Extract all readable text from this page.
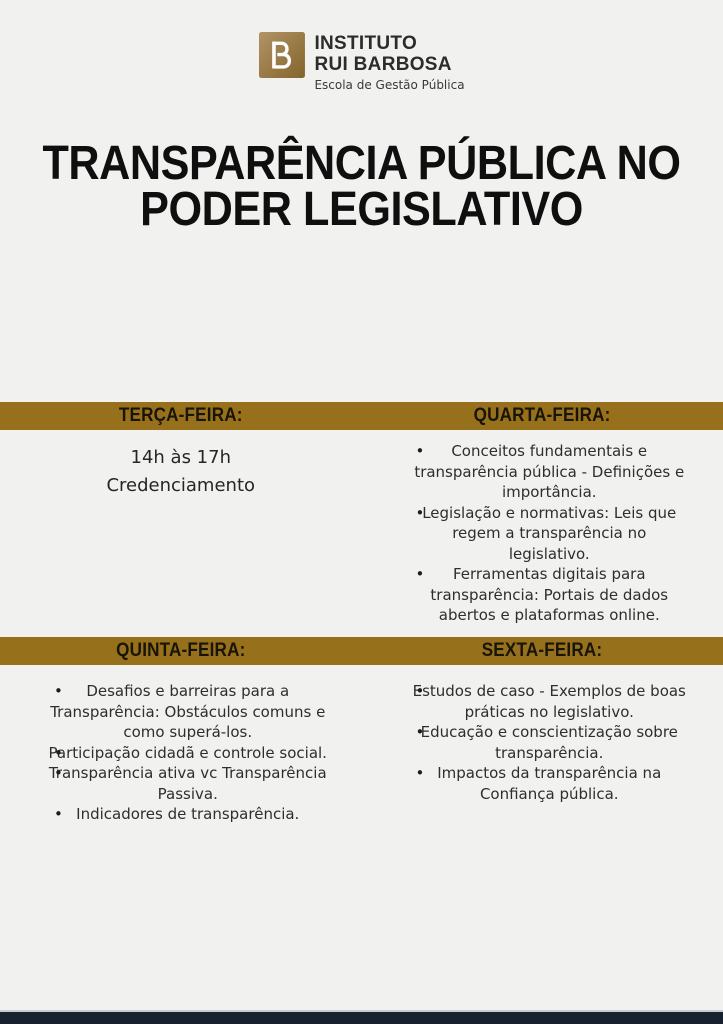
INSTITUTO
RUI BARBOSA
Escola de Gestão Pública
TRANSPARÊNCIA PÚBLICA NO
PODER LEGISLATIVO
TERÇA-FEIRA:	QUARTA-FEIRA:

14h às 17h

Credenciamento

• Conceitos fundamentais e transparência pública - Definições e importância.
• Legislação e normativas: Leis que regem a transparência no legislativo.
• Ferramentas digitais para transparência: Portais de dados abertos e plataformas online.
QUINTA-FEIRA:	SEXTA-FEIRA:
• Desafios e barreiras para a Transparência: Obstáculos comuns e como superá-los.
• Participação cidadã e controle social.
• Transparência ativa vc Transparência Passiva.
• Indicadores de transparência.
• Estudos de caso - Exemplos de boas práticas no legislativo.
• Educação e conscientização sobre transparência.
• Impactos da transparência na Confiança pública.
